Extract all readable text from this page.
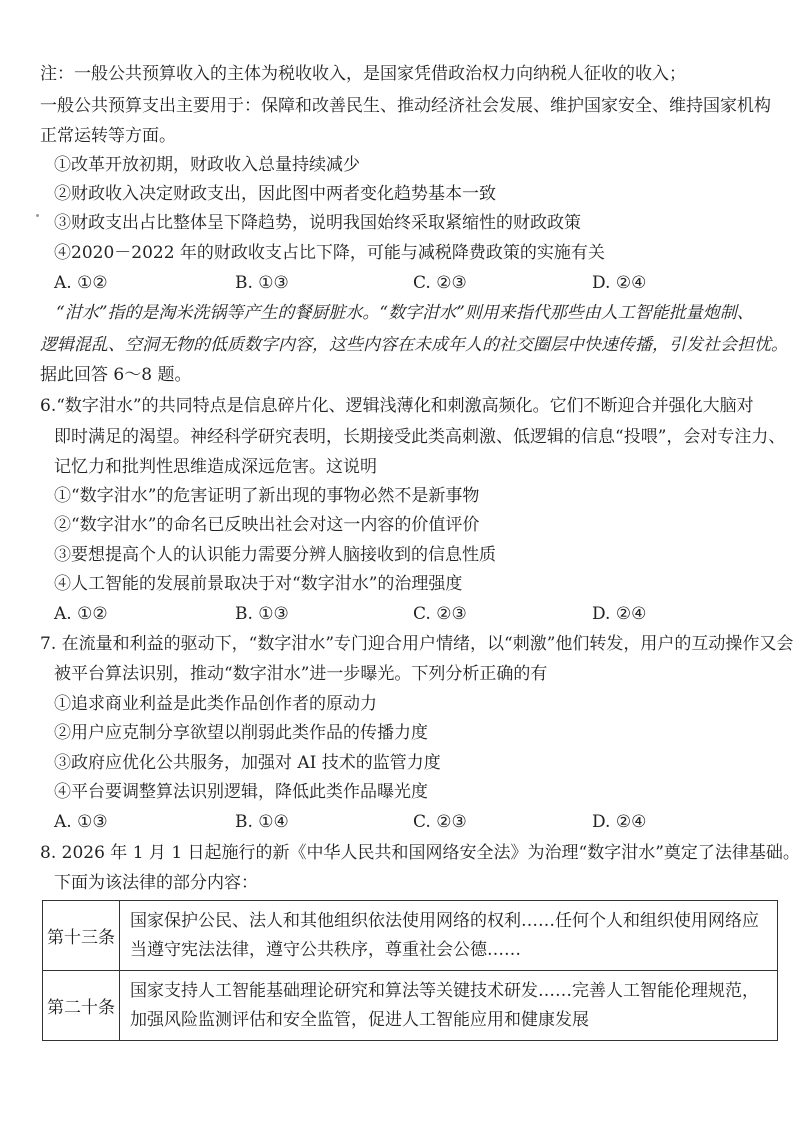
注：一般公共预算收入的主体为税收收入，是国家凭借政治权力向纳税人征收的收入；
一般公共预算支出主要用于：保障和改善民生、推动经济社会发展、维护国家安全、维持国家机构
正常运转等方面。
①改革开放初期，财政收入总量持续减少
②财政收入决定财政支出，因此图中两者变化趋势基本一致
③财政支出占比整体呈下降趋势，说明我国始终采取紧缩性的财政政策
④2020－2022 年的财政收支占比下降，可能与减税降费政策的实施有关
A. ①②	B. ①③	C. ②③	D. ②④
“泔水”指的是淘米洗锅等产生的餐厨脏水。“数字泔水”则用来指代那些由人工智能批量炮制、
逻辑混乱、空洞无物的低质数字内容，这些内容在未成年人的社交圈层中快速传播，引发社会担忧。
据此回答 6～8 题。
6.“数字泔水”的共同特点是信息碎片化、逻辑浅薄化和刺激高频化。它们不断迎合并强化大脑对
即时满足的渴望。神经科学研究表明，长期接受此类高刺激、低逻辑的信息“投喂”，会对专注力、
记忆力和批判性思维造成深远危害。这说明
①“数字泔水”的危害证明了新出现的事物必然不是新事物
②“数字泔水”的命名已反映出社会对这一内容的价值评价
③要想提高个人的认识能力需要分辨人脑接收到的信息性质
④人工智能的发展前景取决于对“数字泔水”的治理强度
A. ①②	B. ①③	C. ②③	D. ②④
7. 在流量和利益的驱动下，“数字泔水”专门迎合用户情绪，以“刺激”他们转发，用户的互动操作又会
被平台算法识别，推动“数字泔水”进一步曝光。下列分析正确的有
①追求商业利益是此类作品创作者的原动力
②用户应克制分享欲望以削弱此类作品的传播力度
③政府应优化公共服务，加强对 AI 技术的监管力度
④平台要调整算法识别逻辑，降低此类作品曝光度
A. ①③	B. ①④	C. ②③	D. ②④
8. 2026 年 1 月 1 日起施行的新《中华人民共和国网络安全法》为治理“数字泔水”奠定了法律基础。
下面为该法律的部分内容：
第十三条	国家保护公民、法人和其他组织依法使用网络的权利……任何个人和组织使用网络应
当遵守宪法法律，遵守公共秩序，尊重社会公德……

第二十条	国家支持人工智能基础理论研究和算法等关键技术研发……完善人工智能伦理规范，
加强风险监测评估和安全监管，促进人工智能应用和健康发展
